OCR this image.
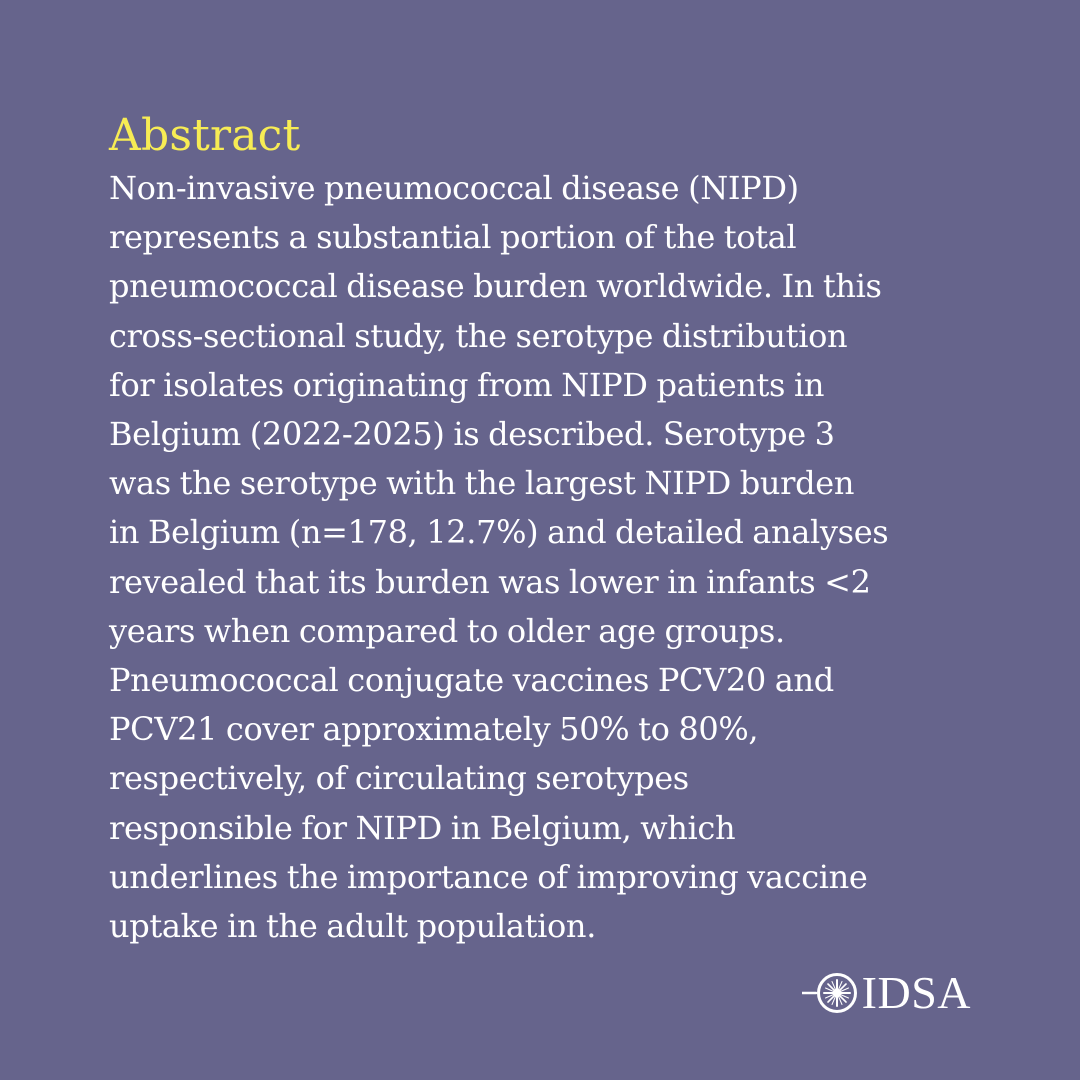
Abstract

Non-invasive pneumococcal disease (NIPD)
represents a substantial portion of the total
pneumococcal disease burden worldwide. In this
cross-sectional study, the serotype distribution
for isolates originating from NIPD patients in
Belgium (2022-2025) is described. Serotype 3
was the serotype with the largest NIPD burden
in Belgium (n=178, 12.7%) and detailed analyses
revealed that its burden was lower in infants <2
years when compared to older age groups.
Pneumococcal conjugate vaccines PCV20 and
PCV21 cover approximately 50% to 80%,
respectively, of circulating serotypes
responsible for NIPD in Belgium, which
underlines the importance of improving vaccine
uptake in the adult population.

IDSA
